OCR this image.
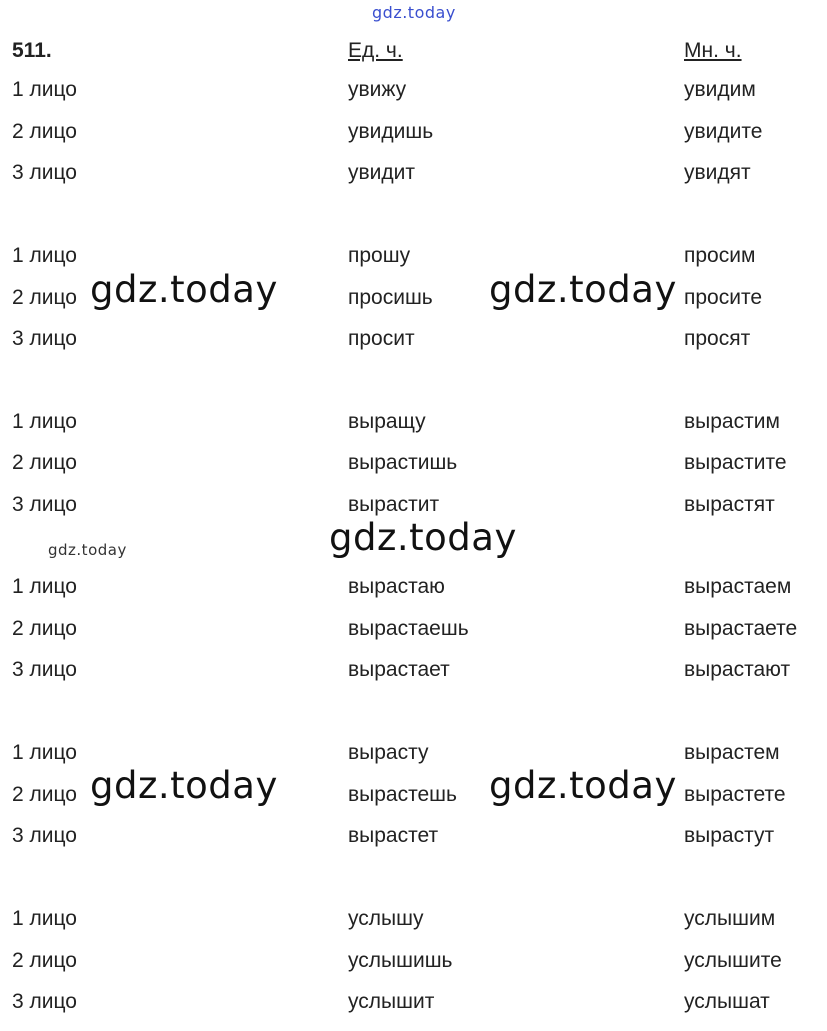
gdz.today
511.	Ед. ч.	Мн. ч.
1 лицо	увижу	увидим
2 лицо	увидишь	увидите
3 лицо	увидит	увидят
1 лицо	прошу	просим
2 лицо	просишь	просите
3 лицо	просит	просят
1 лицо	выращу	вырастим
2 лицо	вырастишь	вырастите
3 лицо	вырастит	вырастят
1 лицо	вырастаю	вырастаем
2 лицо	вырастаешь	вырастаете
3 лицо	вырастает	вырастают
1 лицо	вырасту	вырастем
2 лицо	вырастешь	вырастете
3 лицо	вырастет	вырастут
1 лицо	услышу	услышим
2 лицо	услышишь	услышите
3 лицо	услышит	услышат
gdz.today	gdz.today
gdz.today
gdz.today
gdz.today	gdz.today
